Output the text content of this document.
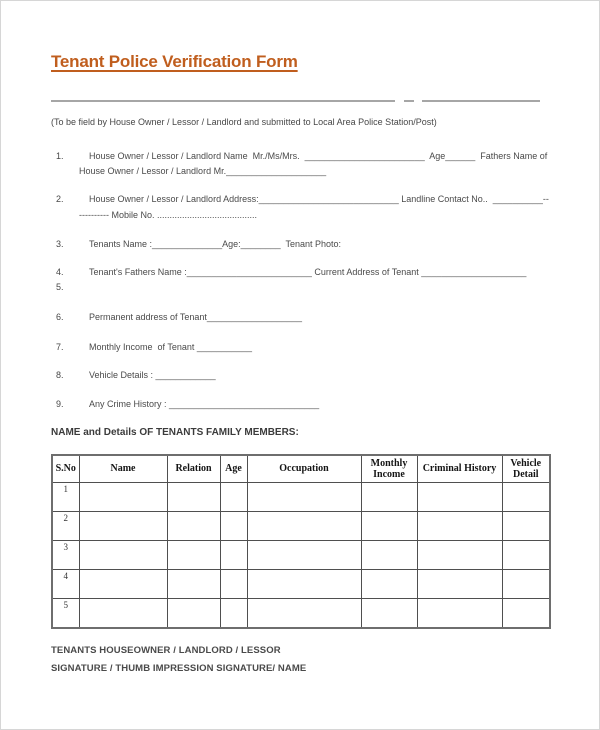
Tenant Police Verification Form
(To be field by House Owner / Lessor / Landlord and submitted to Local Area Police Station/Post)
1.	House Owner / Lessor / Landlord Name  Mr./Ms/Mrs.  ________________________  Age______  Fathers Name of
House Owner / Lessor / Landlord Mr.____________________
2.	House Owner / Lessor / Landlord Address:____________________________ Landline Contact No..  __________--
---------- Mobile No. ........................................
3.	Tenants Name :______________Age:________  Tenant Photo:
4.	Tenant's Fathers Name :_________________________ Current Address of Tenant _____________________
5.
6.	Permanent address of Tenant___________________
7.	Monthly Income  of Tenant ___________
8.	Vehicle Details : ____________
9.	Any Crime History : ______________________________
NAME and Details OF TENANTS FAMILY MEMBERS:
S.No	Name	Relation	Age	Occupation	Monthly Income	Criminal History	Vehicle Detail
1							
2							
3							
4							
5							
TENANTS HOUSEOWNER / LANDLORD / LESSOR
SIGNATURE / THUMB IMPRESSION SIGNATURE/ NAME
